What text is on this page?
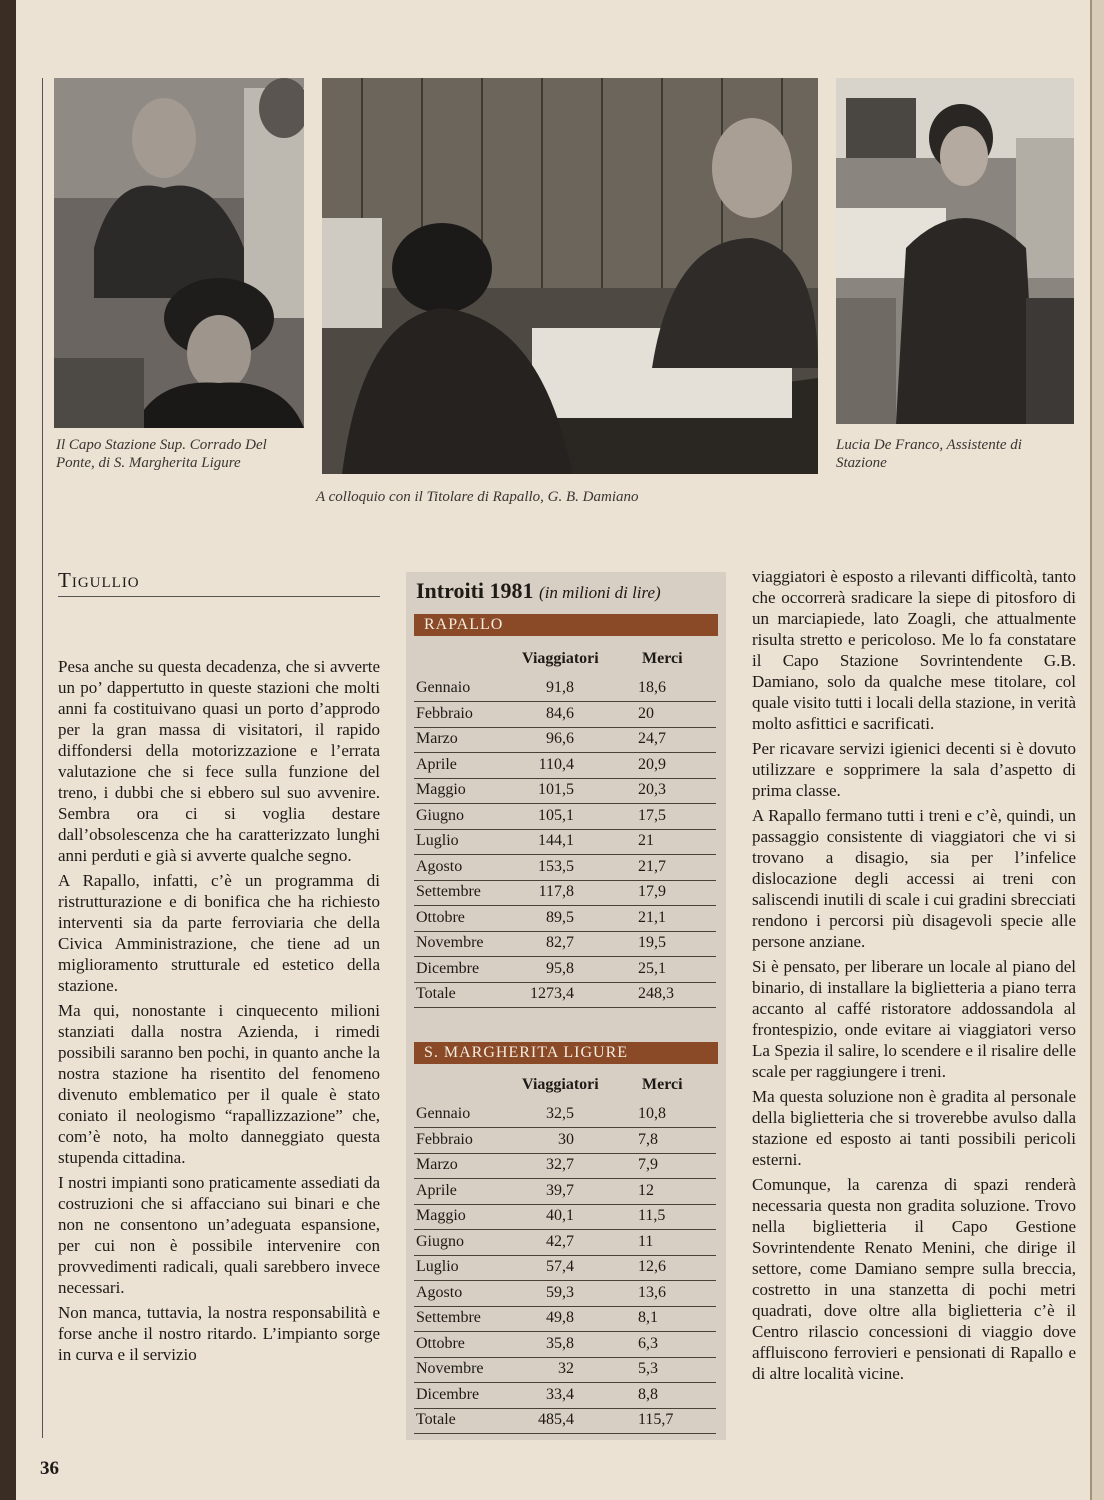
Il Capo Stazione Sup. Corrado Del Ponte, di S. Margherita Ligure
A colloquio con il Titolare di Rapallo, G. B. Damiano
Lucia De Franco, Assistente di Stazione
Tigullio

Pesa anche su questa decadenza, che si avverte un po’ dappertutto in queste stazioni che molti anni fa costituivano quasi un porto d’approdo per la gran massa di visitatori, il rapido diffondersi della motorizzazione e l’errata valutazione che si fece sulla funzione del treno, i dubbi che si ebbero sul suo avvenire. Sembra ora ci si voglia destare dall’obsolescenza che ha caratterizzato lunghi anni perduti e già si avverte qualche segno.

A Rapallo, infatti, c’è un programma di ristrutturazione e di bonifica che ha richiesto interventi sia da parte ferroviaria che della Civica Amministrazione, che tiene ad un miglioramento strutturale ed estetico della stazione.

Ma qui, nonostante i cinquecento milioni stanziati dalla nostra Azienda, i rimedi possibili saranno ben pochi, in quanto anche la nostra stazione ha risentito del fenomeno divenuto emblematico per il quale è stato coniato il neologismo “rapallizzazione” che, com’è noto, ha molto danneggiato questa stupenda cittadina.

I nostri impianti sono praticamente assediati da costruzioni che si affacciano sui binari e che non ne consentono un’adeguata espansione, per cui non è possibile intervenire con provvedimenti radicali, quali sarebbero invece necessari.

Non manca, tuttavia, la nostra responsabilità e forse anche il nostro ritardo. L’impianto sorge in curva e il servizio

Introiti 1981 (in milioni di lire)
RAPALLO
Viaggiatori	Merci
Gennaio	91,8	18,6
Febbraio	84,6	20
Marzo	96,6	24,7
Aprile	110,4	20,9
Maggio	101,5	20,3
Giugno	105,1	17,5
Luglio	144,1	21
Agosto	153,5	21,7
Settembre	117,8	17,9
Ottobre	89,5	21,1
Novembre	82,7	19,5
Dicembre	95,8	25,1
Totale	1273,4	248,3
S. MARGHERITA LIGURE
Viaggiatori	Merci
Gennaio	32,5	10,8
Febbraio	30	7,8
Marzo	32,7	7,9
Aprile	39,7	12
Maggio	40,1	11,5
Giugno	42,7	11
Luglio	57,4	12,6
Agosto	59,3	13,6
Settembre	49,8	8,1
Ottobre	35,8	6,3
Novembre	32	5,3
Dicembre	33,4	8,8
Totale	485,4	115,7

viaggiatori è esposto a rilevanti difficoltà, tanto che occorrerà sradicare la siepe di pitosforo di un marciapiede, lato Zoagli, che attualmente risulta stretto e pericoloso. Me lo fa constatare il Capo Stazione Sovrintendente G.B. Damiano, solo da qualche mese titolare, col quale visito tutti i locali della stazione, in verità molto asfittici e sacrificati.

Per ricavare servizi igienici decenti si è dovuto utilizzare e sopprimere la sala d’aspetto di prima classe.

A Rapallo fermano tutti i treni e c’è, quindi, un passaggio consistente di viaggiatori che vi si trovano a disagio, sia per l’infelice dislocazione degli accessi ai treni con saliscendi inutili di scale i cui gradini sbrecciati rendono i percorsi più disagevoli specie alle persone anziane.

Si è pensato, per liberare un locale al piano del binario, di installare la biglietteria a piano terra accanto al caffé ristoratore addossandola al frontespizio, onde evitare ai viaggiatori verso La Spezia il salire, lo scendere e il risalire delle scale per raggiungere i treni.

Ma questa soluzione non è gradita al personale della biglietteria che si troverebbe avulso dalla stazione ed esposto ai tanti possibili pericoli esterni.

Comunque, la carenza di spazi renderà necessaria questa non gradita soluzione. Trovo nella biglietteria il Capo Gestione Sovrintendente Renato Menini, che dirige il settore, come Damiano sempre sulla breccia, costretto in una stanzetta di pochi metri quadrati, dove oltre alla biglietteria c’è il Centro rilascio concessioni di viaggio dove affluiscono ferrovieri e pensionati di Rapallo e di altre località vicine.

36
